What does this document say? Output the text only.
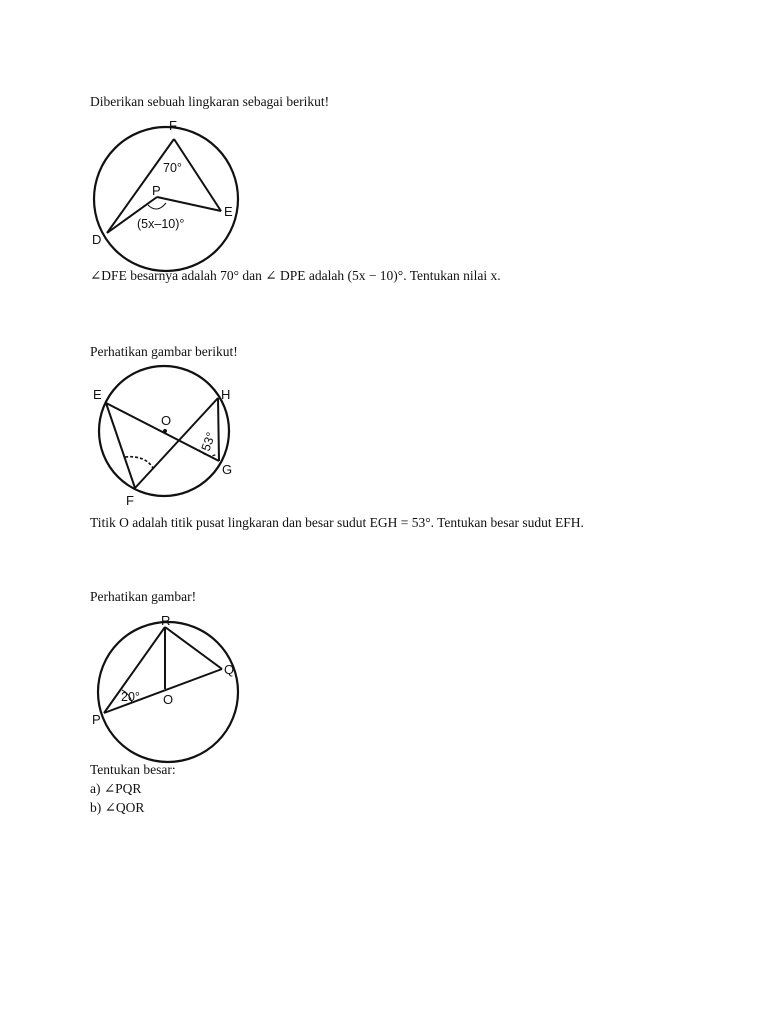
Diberikan sebuah lingkaran sebagai berikut!
F
E
D
P
70°
(5x–10)°
∠DFE besarnya adalah 70° dan ∠ DPE adalah (5x − 10)°. Tentukan nilai x.
Perhatikan gambar berikut!
E	H
G
F
O
53°
Titik O adalah titik pusat lingkaran dan besar sudut EGH = 53°. Tentukan besar sudut EFH.
Perhatikan gambar!
R
Q
P
O
20°
Tentukan besar:
a) ∠PQR
b) ∠QOR
